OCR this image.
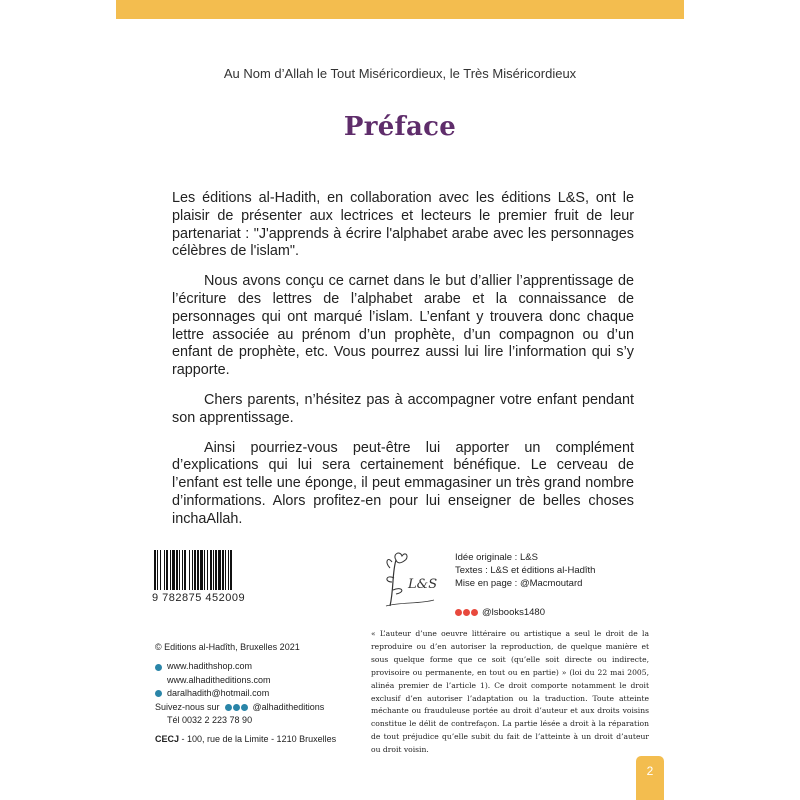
Au Nom d’Allah le Tout Miséricordieux, le Très Miséricordieux
Préface

Les éditions al-Hadith, en collaboration avec les éditions L&S, ont le plaisir de présenter aux lectrices et lecteurs le premier fruit de leur partenariat : "J'apprends à écrire l'alphabet arabe avec les personnages célèbres de l'islam".

Nous avons conçu ce carnet dans le but d’allier l’apprentissage de l’écriture des lettres de l’alphabet arabe et la connaissance de personnages qui ont marqué l’islam. L’enfant y trouvera donc chaque lettre associée au prénom d’un prophète, d’un compagnon ou d’un enfant de prophète, etc. Vous pourrez aussi lui lire l’information qui s’y rapporte.

Chers parents, n’hésitez pas à accompagner votre enfant pendant son apprentissage.

Ainsi pourriez-vous peut-être lui apporter un complément d’explications qui lui sera certainement bénéfique. Le cerveau de l’enfant est telle une éponge, il peut emmagasiner un très grand nombre d’informations. Alors profitez-en pour lui enseigner de belles choses inchaAllah.

9 782875 452009
L&S
Idée originale : L&S
Textes : L&S et éditions al-Hadîth
Mise en page : @Macmoutard
@lsbooks1480
© Editions al-Hadîth, Bruxelles 2021
www.hadithshop.com
www.alhaditheditions.com
daralhadith@hotmail.com
Suivez-nous sur	@alhaditheditions
Tél 0032 2 223 78 90
CECJ - 100, rue de la Limite - 1210 Bruxelles
« L’auteur d’une oeuvre littéraire ou artistique a seul le droit de la reproduire ou d’en autoriser la reproduction, de quelque manière et sous quelque forme que ce soit (qu’elle soit directe ou indirecte, provisoire ou permanente, en tout ou en partie) » (loi du 22 mai 2005, alinéa premier de l’article 1). Ce droit comporte notamment le droit exclusif d’en autoriser l’adaptation ou la traduction. Toute atteinte méchante ou frauduleuse portée au droit d’auteur et aux droits voisins constitue le délit de contrefaçon. La partie lésée a droit à la réparation de tout préjudice qu’elle subit du fait de l’atteinte à un droit d’auteur ou droit voisin.
2
